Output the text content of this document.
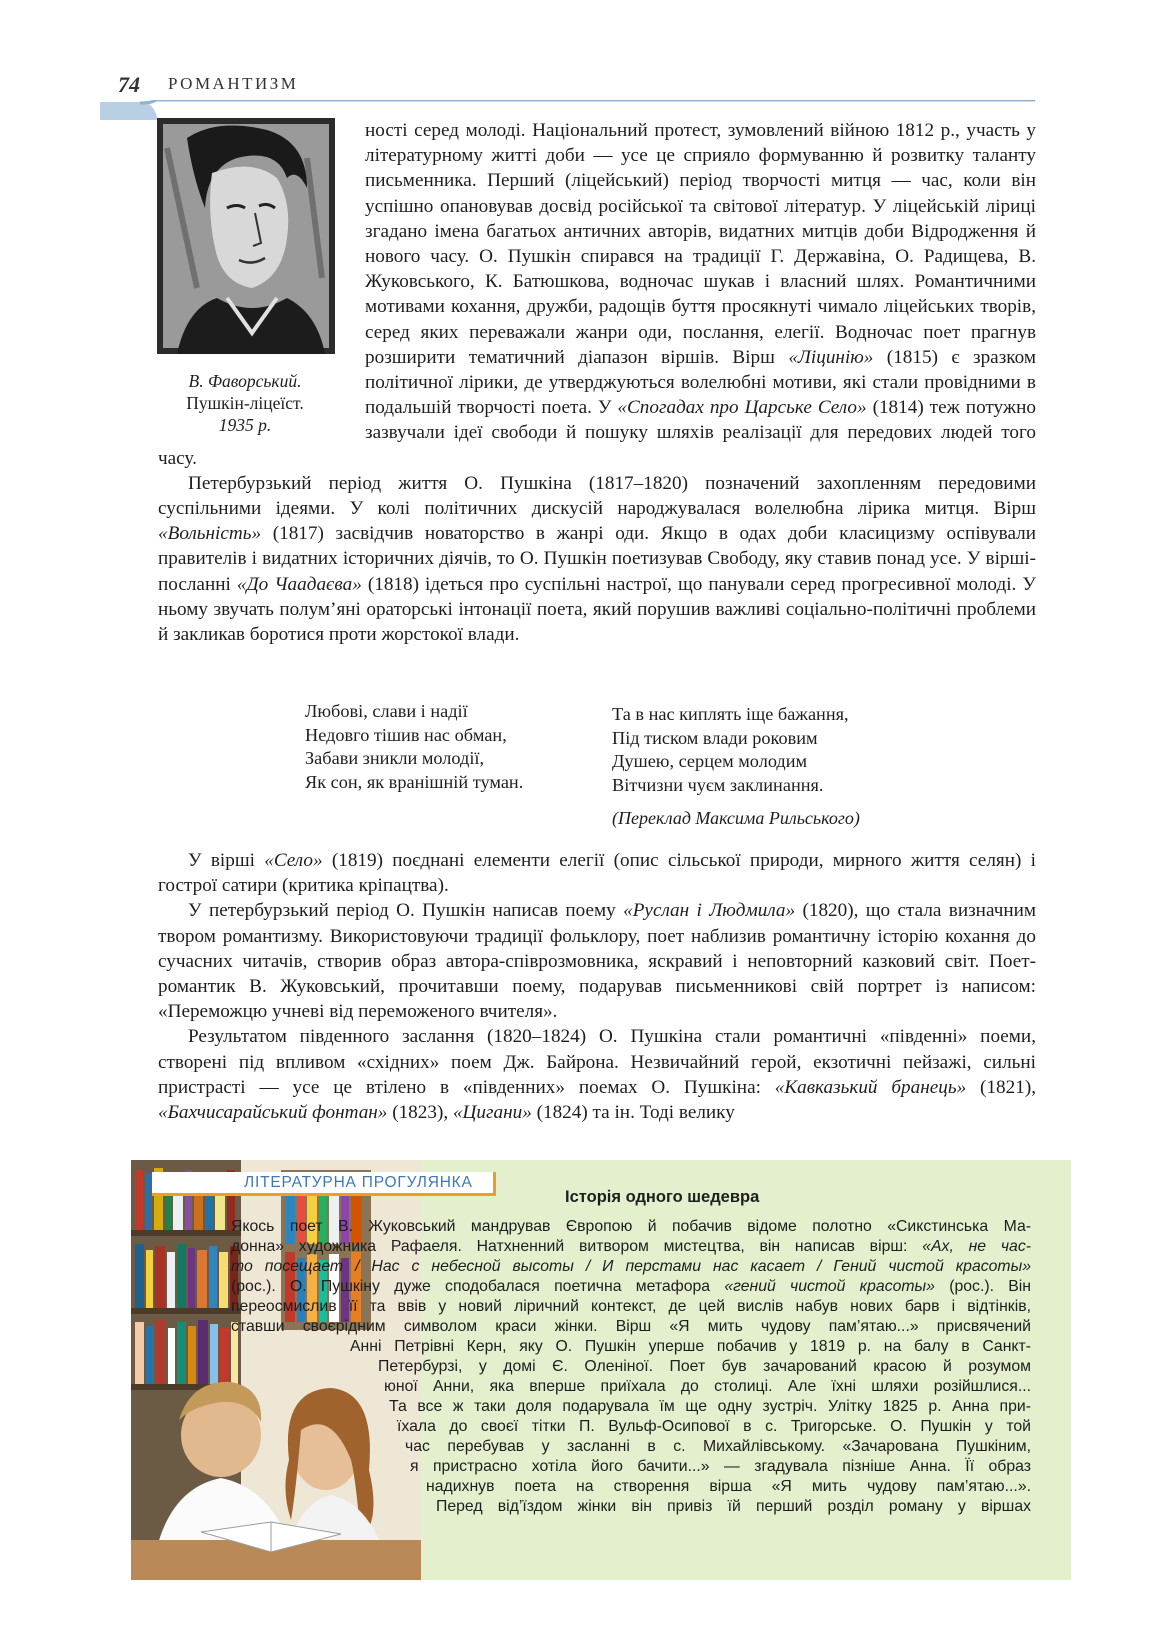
74 РОМАНТИЗМ
В. Фаворський.
Пушкін-ліцеїст.
1935 р.

ності серед молоді. Національний протест, зумовлений війною 1812 р., участь у літературному житті доби — усе це сприяло формуванню й розвитку таланту письменника. Перший (ліцейський) період творчості митця — час, коли він успішно опановував досвід російської та світової літератур. У ліцейській ліриці згадано імена багатьох античних авторів, видатних митців доби Відродження й нового часу. О. Пушкін спирався на традиції Г. Державіна, О. Радищева, В. Жуковського, К. Батюшкова, водночас шукав і власний шлях. Романтичними мотивами кохання, дружби, радощів буття просякнуті чимало ліцейських творів, серед яких переважали жанри оди, послання, елегії. Водночас поет прагнув розширити тематичний діапазон віршів. Вірш «Ліцинію» (1815) є зразком політичної лірики, де утверджуються волелюбні мотиви, які стали провідними в подальшій творчості поета. У «Спогадах про Царське Село» (1814) теж потужно зазвучали ідеї свободи й пошуку шляхів реалізації для передових людей того часу.

Петербурзький період життя О. Пушкіна (1817–1820) позначений захопленням передовими суспільними ідеями. У колі політичних дискусій народжувалася волелюбна лірика митця. Вірш «Вольність» (1817) засвідчив новаторство в жанрі оди. Якщо в одах доби класицизму оспівували правителів і видатних історичних діячів, то О. Пушкін поетизував Свободу, яку ставив понад усе. У вірші-посланні «До Чаадаєва» (1818) ідеться про суспільні настрої, що панували серед прогресивної молоді. У ньому звучать полум’яні ораторські інтонації поета, який порушив важливі соціально-політичні проблеми й закликав боротися проти жорстокої влади.

Любові, слави і надії
Недовго тішив нас обман,
Забави зникли молодії,
Як сон, як вранішній туман.
Та в нас киплять іще бажання,
Під тиском влади роковим
Душею, серцем молодим
Вітчизни чуєм заклинання.
(Переклад Максима Рильського)

У вірші «Село» (1819) поєднані елементи елегії (опис сільської природи, мирного життя селян) і гострої сатири (критика кріпацтва).

У петербурзький період О. Пушкін написав поему «Руслан і Людмила» (1820), що стала визначним твором романтизму. Використовуючи традиції фольклору, поет наблизив романтичну історію кохання до сучасних читачів, створив образ автора-співрозмовника, яскравий і неповторний казковий світ. Поет-романтик В. Жуковський, прочитавши поему, подарував письменникові свій портрет із написом: «Переможцю учневі від переможеного вчителя».

Результатом південного заслання (1820–1824) О. Пушкіна стали романтичні «південні» поеми, створені під впливом «східних» поем Дж. Байрона. Незвичайний герой, екзотичні пейзажі, сильні пристрасті — усе це втілено в «південних» поемах О. Пушкіна: «Кавказький бранець» (1821), «Бахчисарайський фонтан» (1823), «Цигани» (1824) та ін. Тоді велику

ЛІТЕРАТУРНА ПРОГУЛЯНКА
Історія одного шедевра
Якось поет В. Жуковський мандрував Європою й побачив відоме полотно «Сикстинська Ма-
донна» художника Рафаеля. Натхненний витвором мистецтва, він написав вірш: «Ах, не час-
то посещает / Нас с небесной высоты / И перстами нас касает / Гений чистой красоты»
(рос.). О. Пушкіну дуже сподобалася поетична метафора «гений чистой красоты» (рос.). Він
переосмислив її та ввів у новий ліричний контекст, де цей вислів набув нових барв і відтінків,
ставши своєрідним символом краси жінки. Вірш «Я мить чудову пам’ятаю...» присвячений
Анні Петрівні Керн, яку О. Пушкін уперше побачив у 1819 р. на балу в Санкт-
Петербурзі, у домі Є. Оленіної. Поет був зачарований красою й розумом
юної Анни, яка вперше приїхала до столиці. Але їхні шляхи розійшлися...
Та все ж таки доля подарувала їм ще одну зустріч. Улітку 1825 р. Анна при-
їхала до своєї тітки П. Вульф-Осипової в с. Тригорське. О. Пушкін у той
час перебував у засланні в с. Михайлівському. «Зачарована Пушкіним,
я пристрасно хотіла його бачити...» — згадувала пізніше Анна. Її образ
надихнув поета на створення вірша «Я мить чудову пам’ятаю...».
Перед від’їздом жінки він привіз їй перший розділ роману у віршах
